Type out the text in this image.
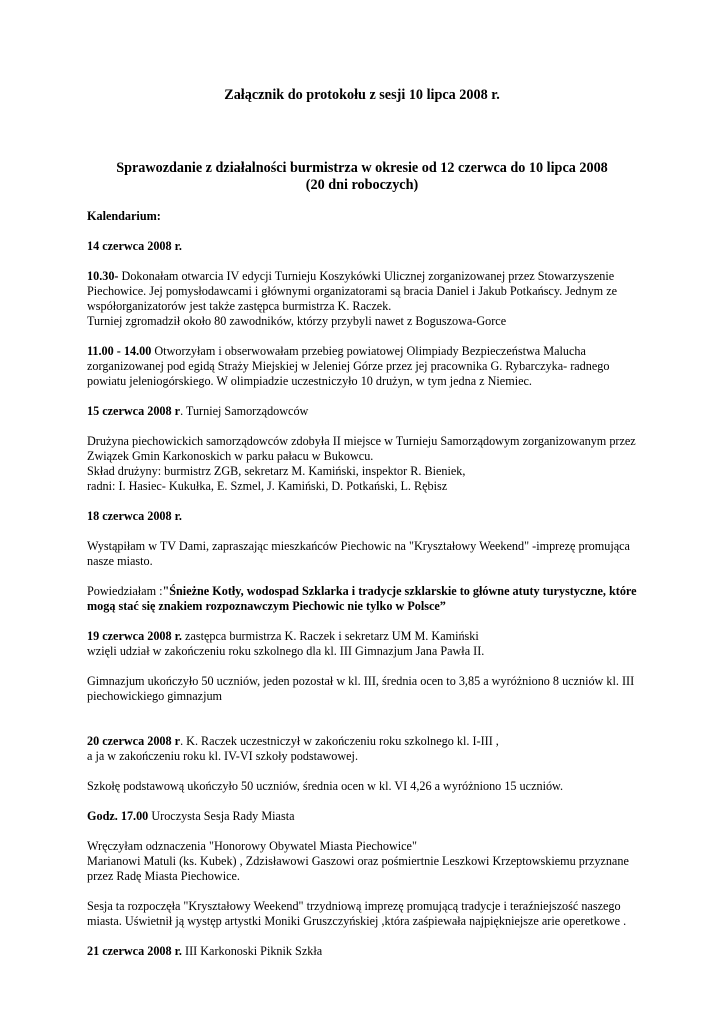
Załącznik do protokołu z sesji 10 lipca 2008 r.
Sprawozdanie z działalności burmistrza w okresie od 12 czerwca do 10 lipca 2008
(20 dni roboczych)

Kalendarium:

14 czerwca 2008 r.

10.30- Dokonałam otwarcia IV edycji Turnieju Koszykówki Ulicznej zorganizowanej przez Stowarzyszenie
Piechowice. Jej pomysłodawcami i głównymi organizatorami są bracia Daniel i Jakub Potkańscy. Jednym ze
współorganizatorów jest także zastępca burmistrza K. Raczek.
Turniej zgromadził około 80 zawodników, którzy przybyli nawet z Boguszowa-Gorce

11.00 - 14.00 Otworzyłam i obserwowałam przebieg powiatowej Olimpiady Bezpieczeństwa Malucha
zorganizowanej pod egidą Straży Miejskiej w Jeleniej Górze przez jej pracownika G. Rybarczyka- radnego
powiatu jeleniogórskiego. W olimpiadzie uczestniczyło 10 drużyn, w tym jedna z Niemiec.

15 czerwca 2008 r. Turniej Samorządowców

Drużyna piechowickich samorządowców zdobyła II miejsce w Turnieju Samorządowym zorganizowanym przez
Związek Gmin Karkonoskich w parku pałacu w Bukowcu.
Skład drużyny: burmistrz ZGB, sekretarz M. Kamiński, inspektor R. Bieniek,
radni: I. Hasiec- Kukułka, E. Szmel, J. Kamiński, D. Potkański, L. Rębisz

18 czerwca 2008 r.

Wystąpiłam w TV Dami, zapraszając mieszkańców Piechowic na "Kryształowy Weekend" -imprezę promująca
nasze miasto.

Powiedziałam :"Śnieżne Kotły, wodospad Szklarka i tradycje szklarskie to główne atuty turystyczne, które
mogą stać się znakiem rozpoznawczym Piechowic nie tylko w Polsce”

19 czerwca 2008 r. zastępca burmistrza K. Raczek i sekretarz UM M. Kamiński
wzięli udział w zakończeniu roku szkolnego dla kl. III Gimnazjum Jana Pawła II.

Gimnazjum ukończyło 50 uczniów, jeden pozostał w kl. III, średnia ocen to 3,85 a wyróżniono 8 uczniów kl. III
piechowickiego gimnazjum

20 czerwca 2008 r. K. Raczek uczestniczył w zakończeniu roku szkolnego kl. I-III ,
a ja w zakończeniu roku kl. IV-VI szkoły podstawowej.

Szkołę podstawową ukończyło 50 uczniów, średnia ocen w kl. VI 4,26 a wyróżniono 15 uczniów.

Godz. 17.00 Uroczysta Sesja Rady Miasta

Wręczyłam odznaczenia "Honorowy Obywatel Miasta Piechowice"
Marianowi Matuli (ks. Kubek) , Zdzisławowi Gaszowi oraz pośmiertnie Leszkowi Krzeptowskiemu przyznane
przez Radę Miasta Piechowice.

Sesja ta rozpoczęła "Kryształowy Weekend" trzydniową imprezę promującą tradycje i teraźniejszość naszego
miasta. Uświetnił ją występ artystki Moniki Gruszczyńskiej ,która zaśpiewała najpiękniejsze arie operetkowe .

21 czerwca 2008 r. III Karkonoski Piknik Szkła
